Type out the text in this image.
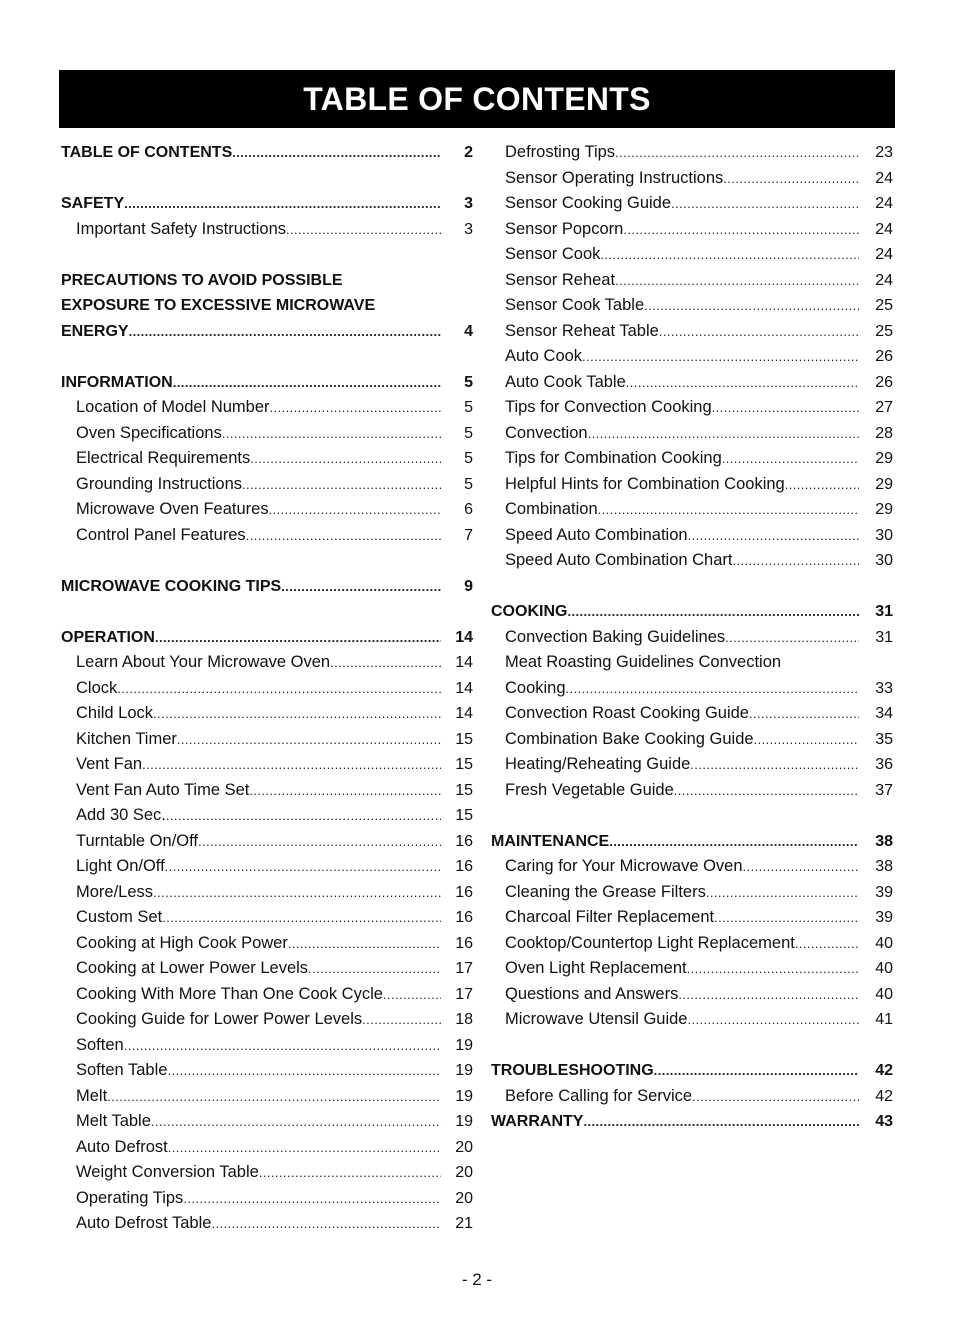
TABLE OF CONTENTS
TABLE OF CONTENTS .....	2
SAFETY .....	3
Important Safety Instructions .....	3
PRECAUTIONS TO AVOID POSSIBLE
EXPOSURE TO EXCESSIVE MICROWAVE
ENERGY .....	4
INFORMATION .....	5
Location of Model Number .....	5
Oven Specifications .....	5
Electrical Requirements .....	5
Grounding Instructions .....	5
Microwave Oven Features .....	6
Control Panel Features .....	7
MICROWAVE COOKING TIPS .....	9
OPERATION .....	14
Learn About Your Microwave Oven .....	14
Clock .....	14
Child Lock .....	14
Kitchen Timer .....	15
Vent Fan .....	15
Vent Fan Auto Time Set .....	15
Add 30 Sec. .....	15
Turntable On/Off .....	16
Light On/Off .....	16
More/Less .....	16
Custom Set .....	16
Cooking at High Cook Power .....	16
Cooking at Lower Power Levels .....	17
Cooking With More Than One Cook Cycle .....	17
Cooking Guide for Lower Power Levels .....	18
Soften .....	19
Soften Table .....	19
Melt .....	19
Melt Table .....	19
Auto Defrost .....	20
Weight Conversion Table .....	20
Operating Tips .....	20
Auto Defrost Table .....	21
Defrosting Tips .....	23
Sensor Operating Instructions .....	24
Sensor Cooking Guide .....	24
Sensor Popcorn .....	24
Sensor Cook .....	24
Sensor Reheat .....	24
Sensor Cook Table .....	25
Sensor Reheat Table .....	25
Auto Cook .....	26
Auto Cook Table .....	26
Tips for Convection Cooking .....	27
Convection .....	28
Tips for Combination Cooking .....	29
Helpful Hints for Combination Cooking .....	29
Combination .....	29
Speed Auto Combination .....	30
Speed Auto Combination Chart .....	30
COOKING .....	31
Convection Baking Guidelines .....	31
Meat Roasting Guidelines Convection
Cooking .....	33
Convection Roast Cooking Guide .....	34
Combination Bake Cooking Guide .....	35
Heating/Reheating Guide .....	36
Fresh Vegetable Guide .....	37
MAINTENANCE .....	38
Caring for Your Microwave Oven .....	38
Cleaning the Grease Filters .....	39
Charcoal Filter Replacement .....	39
Cooktop/Countertop Light Replacement .....	40
Oven Light Replacement .....	40
Questions and Answers .....	40
Microwave Utensil Guide .....	41
TROUBLESHOOTING .....	42
Before Calling for Service .....	42
WARRANTY .....	43
- 2 -
